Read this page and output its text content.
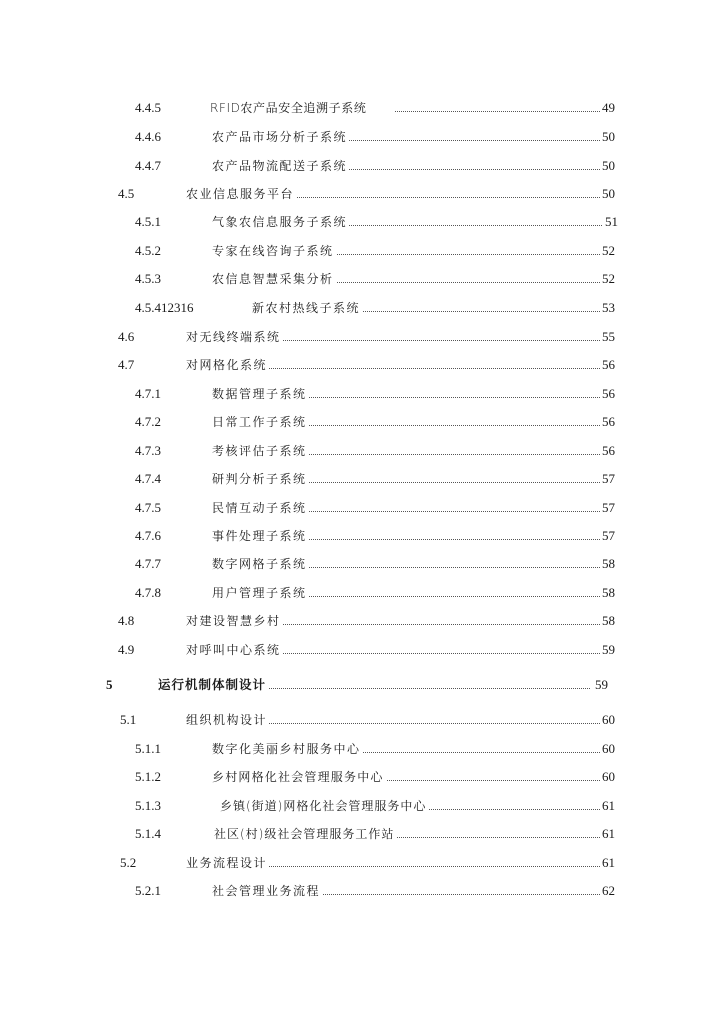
4.4.5	RFID农产品安全追溯子系统	49
4.4.6	农产品市场分析子系统	50
4.4.7	农产品物流配送子系统	50
4.5	农业信息服务平台	50
4.5.1	气象农信息服务子系统	51
4.5.2	专家在线咨询子系统	52
4.5.3	农信息智慧采集分析	52
4.5.412316	新农村热线子系统	53
4.6	对无线终端系统	55
4.7	对网格化系统	56
4.7.1	数据管理子系统	56
4.7.2	日常工作子系统	56
4.7.3	考核评估子系统	56
4.7.4	研判分析子系统	57
4.7.5	民情互动子系统	57
4.7.6	事件处理子系统	57
4.7.7	数字网格子系统	58
4.7.8	用户管理子系统	58
4.8	对建设智慧乡村	58
4.9	对呼叫中心系统	59
5	运行机制体制设计	59
5.1	组织机构设计	60
5.1.1	数字化美丽乡村服务中心	60
5.1.2	乡村网格化社会管理服务中心	60
5.1.3	乡镇(街道)网格化社会管理服务中心	61
5.1.4	社区(村)级社会管理服务工作站	61
5.2	业务流程设计	61
5.2.1	社会管理业务流程	62
